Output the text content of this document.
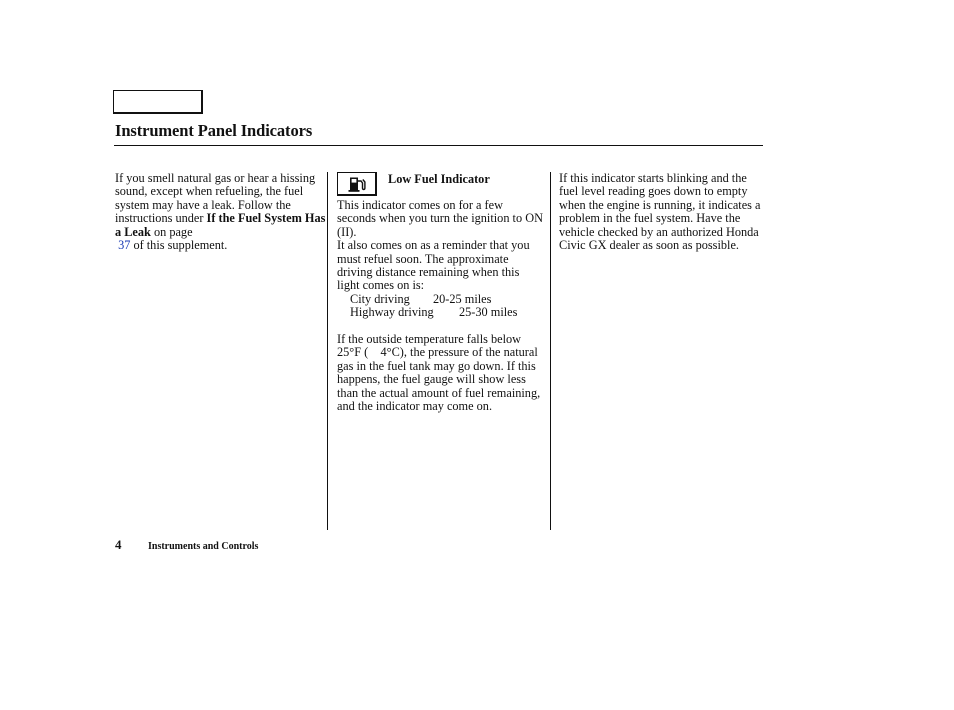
Instrument Panel Indicators

If you smell natural gas or hear a hissing sound, except when refueling, the fuel system may have a leak. Follow the instructions under If the Fuel System Has a Leak on page
37 of this supplement.

Low Fuel Indicator

This indicator comes on for a few seconds when you turn the ignition to ON (II).

It also comes on as a reminder that you must refuel soon. The approximate driving distance remaining when this light comes on is:

City driving	20-25 miles
Highway driving	25-30 miles

If the outside temperature falls below 25°F (  4°C), the pressure of the natural gas in the fuel tank may go down. If this happens, the fuel gauge will show less than the actual amount of fuel remaining, and the indicator may come on.

If this indicator starts blinking and the fuel level reading goes down to empty when the engine is running, it indicates a problem in the fuel system. Have the vehicle checked by an authorized Honda Civic GX dealer as soon as possible.

4	Instruments and Controls
